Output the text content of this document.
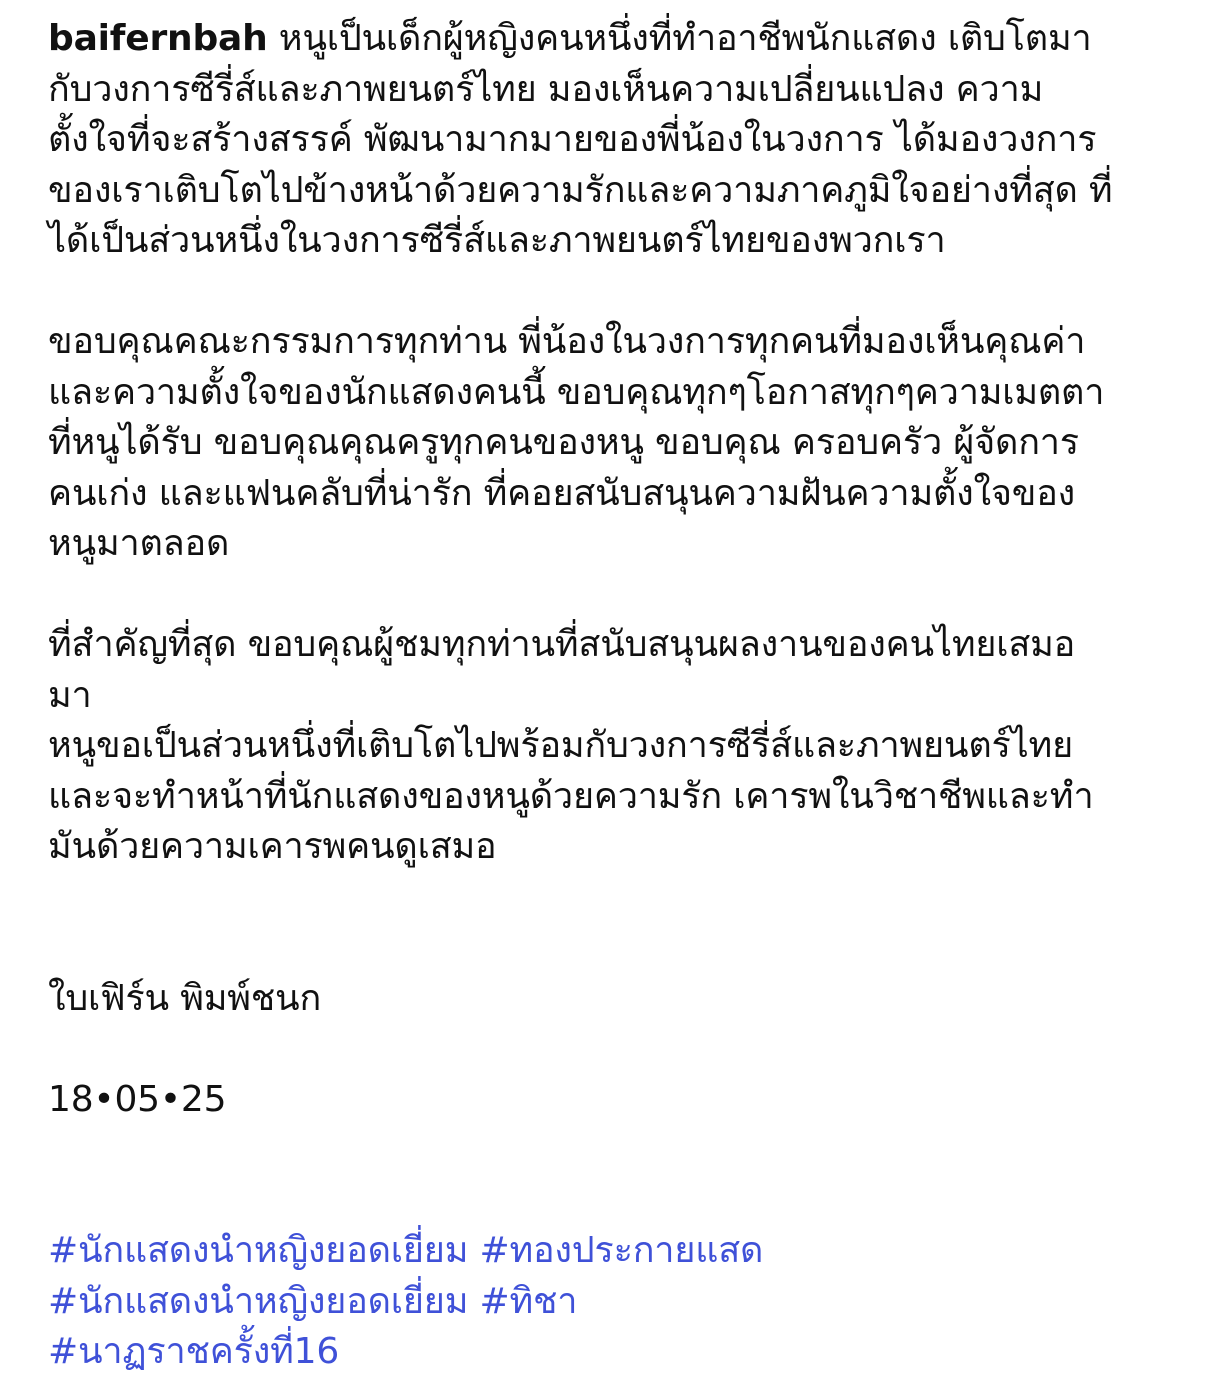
baifernbah หนูเป็นเด็กผู้หญิงคนหนึ่งที่ทำอาชีพนักแสดง เติบโตมา
กับวงการซีรี่ส์และภาพยนตร์ไทย มองเห็นความเปลี่ยนแปลง ความ
ตั้งใจที่จะสร้างสรรค์ พัฒนามากมายของพี่น้องในวงการ ได้มองวงการ
ของเราเติบโตไปข้างหน้าด้วยความรักและความภาคภูมิใจอย่างที่สุด ที่
ได้เป็นส่วนหนึ่งในวงการซีรี่ส์และภาพยนตร์ไทยของพวกเรา

ขอบคุณคณะกรรมการทุกท่าน พี่น้องในวงการทุกคนที่มองเห็นคุณค่า
และความตั้งใจของนักแสดงคนนี้ ขอบคุณทุกๆโอกาสทุกๆความเมตตา
ที่หนูได้รับ ขอบคุณคุณครูทุกคนของหนู ขอบคุณ ครอบครัว ผู้จัดการ
คนเก่ง และแฟนคลับที่น่ารัก ที่คอยสนับสนุนความฝันความตั้งใจของ
หนูมาตลอด

ที่สำคัญที่สุด ขอบคุณผู้ชมทุกท่านที่สนับสนุนผลงานของคนไทยเสมอ
มา

หนูขอเป็นส่วนหนึ่งที่เติบโตไปพร้อมกับวงการซีรี่ส์และภาพยนตร์ไทย
และจะทำหน้าที่นักแสดงของหนูด้วยความรัก เคารพในวิชาชีพและทำ
มันด้วยความเคารพคนดูเสมอ

ใบเฟิร์น พิมพ์ชนก

18•05•25

#นักแสดงนำหญิงยอดเยี่ยม #ทองประกายแสด
#นักแสดงนำหญิงยอดเยี่ยม #ทิชา
#นาฏราชครั้งที่16
